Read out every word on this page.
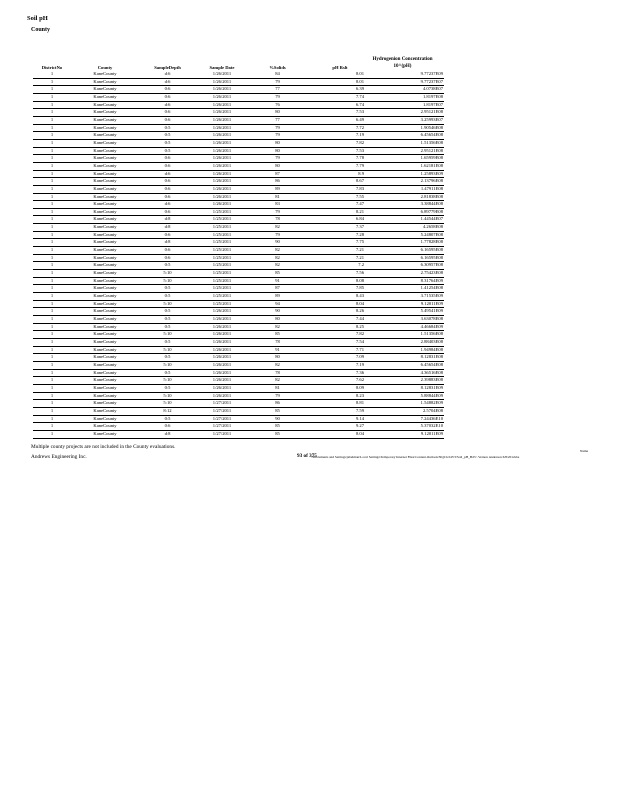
Soil pH
County
Hydrogenion Concentration
10^(pH)
DistrictNo	County	SampleDepth	Sample Date	%Solids	pH Rslt	
1	KaneCounty	d:6	1/26/2011	84	8.01	9.77237E09
1	KaneCounty	d:6	1/26/2011	79	8.01	9.77237E07
1	KaneCounty	0:6	1/26/2011	77	6.39	4.0738E07
1	KaneCounty	0:6	1/26/2011	79	7.74	1.8197E08
1	KaneCounty	d:6	1/26/2011	76	6.74	1.8197E07
1	KaneCounty	0:6	1/26/2011	80	7.53	2.95121E08
1	KaneCounty	0:6	1/26/2011	77	6.49	3.25993E07
1	KaneCounty	0:5	1/26/2011	79	7.72	1.90546E08
1	KaneCounty	0:5	1/26/2011	79	7.19	6.45654E08
1	KaneCounty	0:5	1/26/2011	80	7.82	1.51356E08
1	KaneCounty	0:5	1/26/2011	80	7.53	2.95121E08
1	KaneCounty	0:6	1/26/2011	79	7.78	1.65959E08
1	KaneCounty	0:6	1/26/2011	80	7.79	1.62181E08
1	KaneCounty	d:6	1/26/2011	87	8.9	1.25893E09
1	KaneCounty	0:6	1/26/2011	86	8.67	2.13796E08
1	KaneCounty	0:6	1/26/2011	89	7.83	1.47911E08
1	KaneCounty	0:6	1/26/2011	81	7.55	2.81838E08
1	KaneCounty	d:6	1/26/2011	83	7.47	3.38844E08
1	KaneCounty	0:6	1/25/2011	79	8.21	6.89779E08
1	KaneCounty	d:8	1/25/2011	78	6.84	1.44544E07
1	KaneCounty	d:8	1/25/2011	82	7.37	4.2658E08
1	KaneCounty	0:6	1/25/2011	79	7.28	5.24807E08
1	KaneCounty	d:8	1/25/2011	90	7.75	1.77828E08
1	KaneCounty	0:6	1/25/2011	82	7.21	6.16595E08
1	KaneCounty	0:6	1/25/2011	82	7.21	6.16595E08
1	KaneCounty	0:5	1/25/2011	82	7.2	6.30957E08
1	KaneCounty	5:10	1/25/2011	85	7.56	2.75423E08
1	KaneCounty	5:10	1/25/2011	91	8.08	8.31764E09
1	KaneCounty	0:5	1/25/2011	87	7.85	1.41254E08
1	KaneCounty	0:5	1/25/2011	89	8.43	3.71535E09
1	KaneCounty	5:10	1/25/2011	94	8.04	9.12011E09
1	KaneCounty	0:5	1/26/2011	90	8.26	5.49541E09
1	KaneCounty	0:5	1/26/2011	80	7.44	3.63078E08
1	KaneCounty	0:5	1/26/2011	82	8.25	4.46684E09
1	KaneCounty	5:10	1/26/2011	85	7.82	1.51356E08
1	KaneCounty	0:5	1/26/2011	78	7.54	2.88403E08
1	KaneCounty	5:10	1/26/2011	91	7.71	1.94984E08
1	KaneCounty	0:5	1/26/2011	80	7.09	8.12831E08
1	KaneCounty	5:10	1/26/2011	82	7.19	6.45654E08
1	KaneCounty	0:5	1/26/2011	78	7.36	4.36516E08
1	KaneCounty	5:10	1/26/2011	82	7.62	2.39883E08
1	KaneCounty	0:5	1/26/2011	81	8.09	8.12831E09
1	KaneCounty	5:10	1/26/2011	79	8.23	5.88844E09
1	KaneCounty	5:10	1/27/2011	86	8.81	1.54882E09
1	KaneCounty	8:12	1/27/2011	85	7.59	2.5704E08
1	KaneCounty	0:5	1/27/2011	90	9.14	7.24436E10
1	KaneCounty	0:6	1/27/2011	85	9.27	5.37032E10
1	KaneCounty	d:8	1/27/2011	85	8.04	9.12011E09
Multiple county projects are not included in the County evaluations.
Andrews Engineering Inc.	93 of 375
\\Documents and Settings\jabelman\Local Settings\Temporary Internet Files\Content.Outlook\NQCG54V3\Soil_pH_Bd3 \ Vernon Anderson 6/8/2012sbe
Name
